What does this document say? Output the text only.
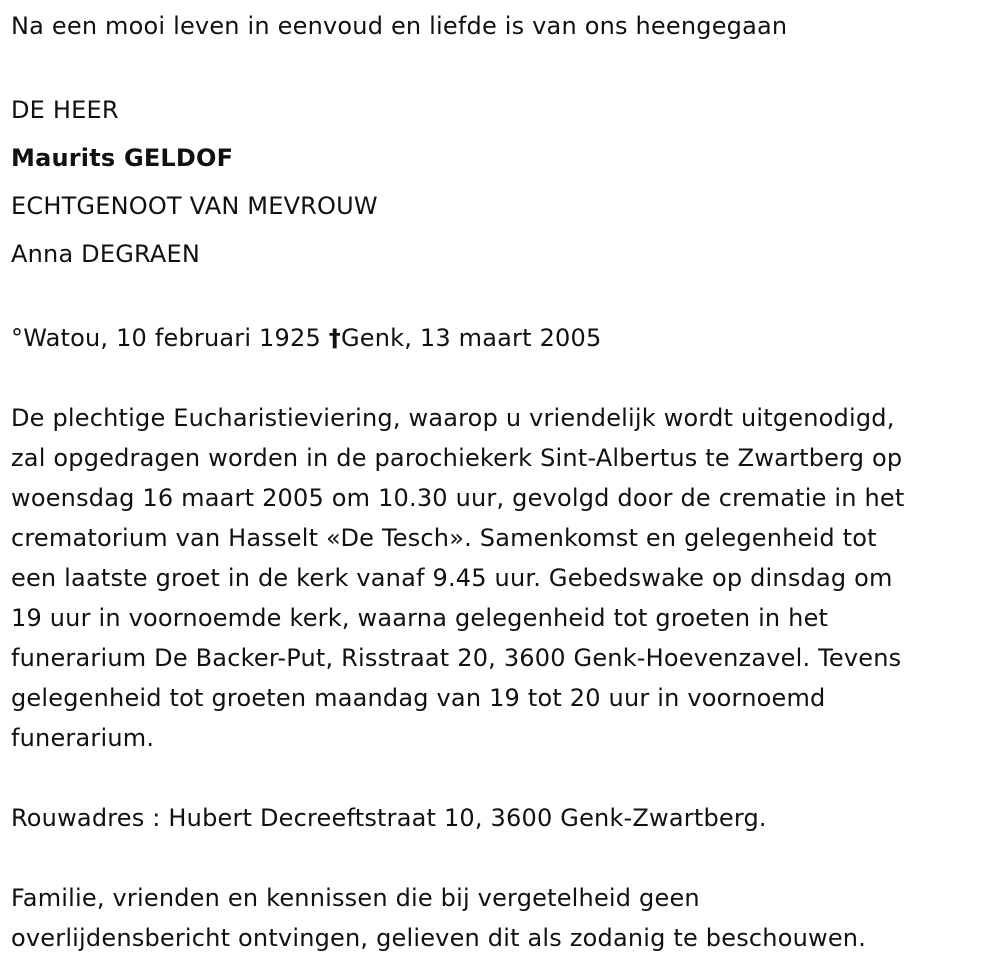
Na een mooi leven in eenvoud en liefde is van ons heengegaan

DE HEER

Maurits GELDOF

ECHTGENOOT VAN MEVROUW

Anna DEGRAEN

°Watou, 10 februari 1925 †Genk, 13 maart 2005

De plechtige Eucharistieviering, waarop u vriendelijk wordt uitgenodigd,
zal opgedragen worden in de parochiekerk Sint-Albertus te Zwartberg op
woensdag 16 maart 2005 om 10.30 uur, gevolgd door de crematie in het
crematorium van Hasselt «De Tesch». Samenkomst en gelegenheid tot
een laatste groet in de kerk vanaf 9.45 uur. Gebedswake op dinsdag om
19 uur in voornoemde kerk, waarna gelegenheid tot groeten in het
funerarium De Backer-Put, Risstraat 20, 3600 Genk-Hoevenzavel. Tevens
gelegenheid tot groeten maandag van 19 tot 20 uur in voornoemd
funerarium.

Rouwadres : Hubert Decreeftstraat 10, 3600 Genk-Zwartberg.

Familie, vrienden en kennissen die bij vergetelheid geen
overlijdensbericht ontvingen, gelieven dit als zodanig te beschouwen.
